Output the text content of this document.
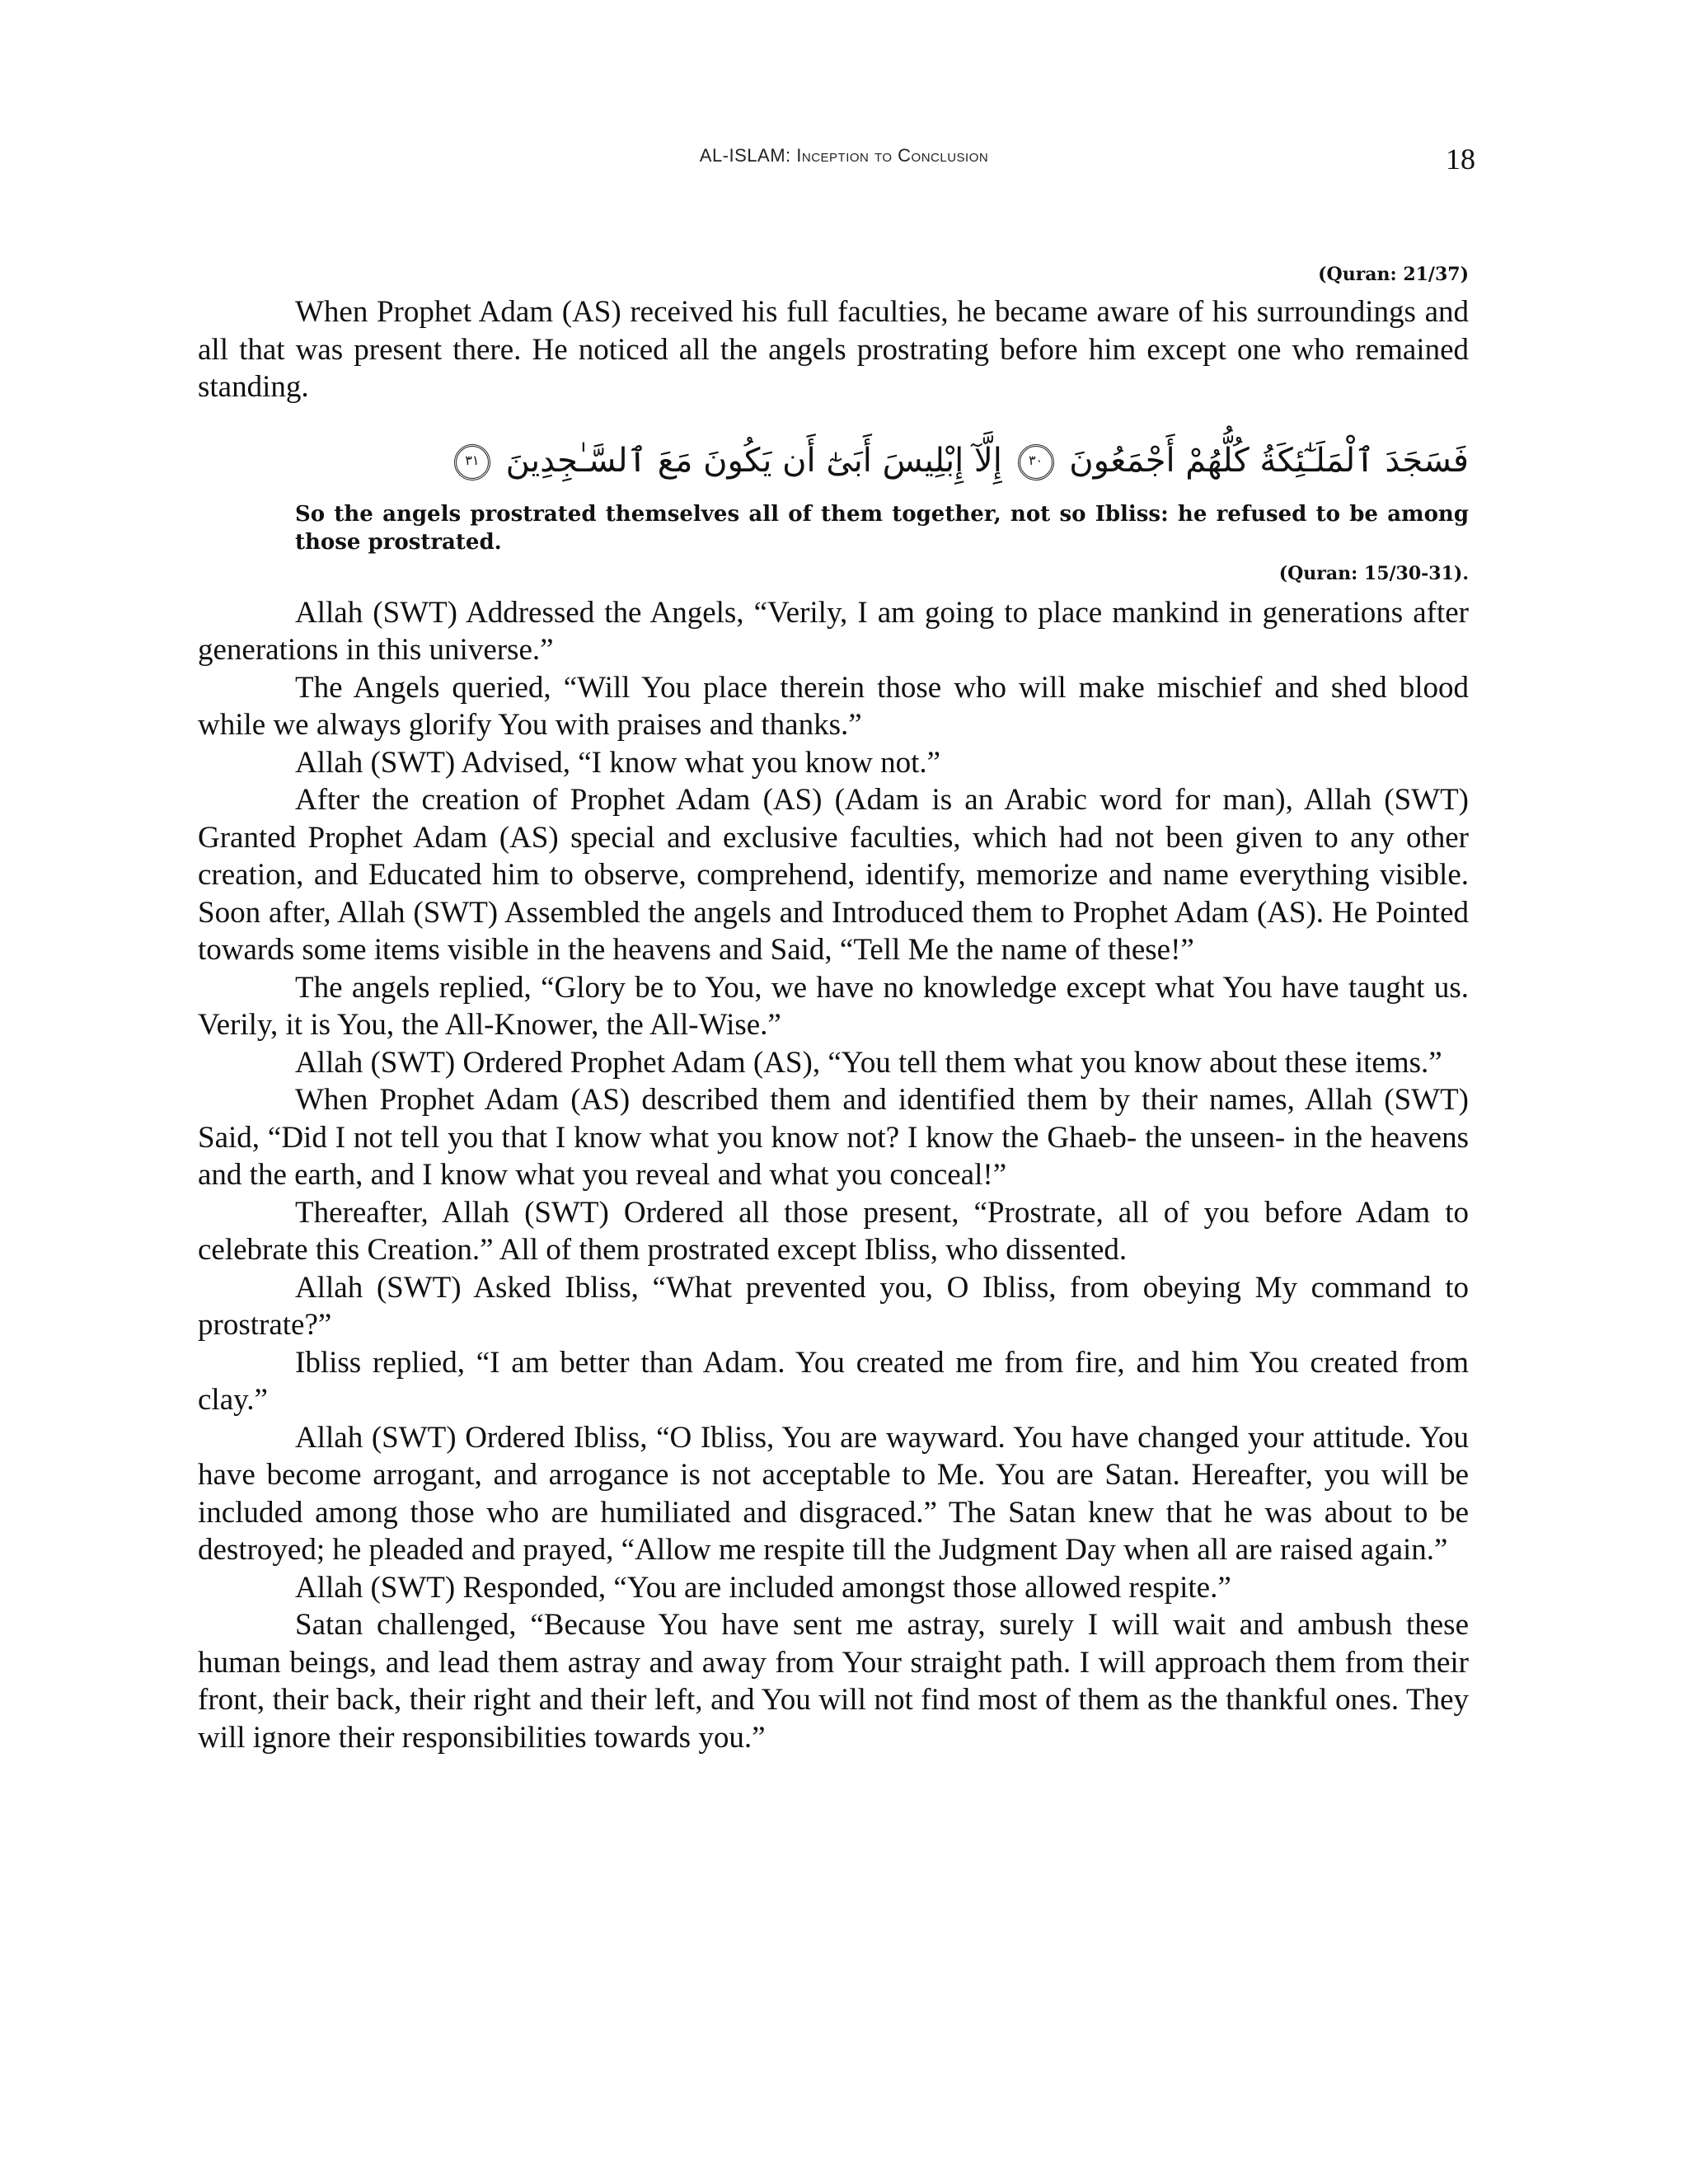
AL-ISLAM: Inception to Conclusion	18

(Quran: 21/37)

When Prophet Adam (AS) received his full faculties, he became aware of his surroundings and all that was present there. He noticed all the angels prostrating before him except one who remained standing.

فَسَجَدَ ٱلْمَلَـٰٓئِكَةُ كُلُّهُمْ أَجْمَعُونَ ٣٠ إِلَّآ إِبْلِيسَ أَبَىٰٓ أَن يَكُونَ مَعَ ٱلسَّـٰجِدِينَ ٣١

So the angels prostrated themselves all of them together, not so Ibliss: he refused to be among those prostrated.

(Quran: 15/30-31).

Allah (SWT) Addressed the Angels, “Verily, I am going to place mankind in generations after generations in this universe.”

The Angels queried, “Will You place therein those who will make mischief and shed blood while we always glorify You with praises and thanks.”

Allah (SWT) Advised, “I know what you know not.”

After the creation of Prophet Adam (AS) (Adam is an Arabic word for man), Allah (SWT) Granted Prophet Adam (AS) special and exclusive faculties, which had not been given to any other creation, and Educated him to observe, comprehend, identify, memorize and name everything visible. Soon after, Allah (SWT) Assembled the angels and Introduced them to Prophet Adam (AS). He Pointed towards some items visible in the heavens and Said, “Tell Me the name of these!”

The angels replied, “Glory be to You, we have no knowledge except what You have taught us. Verily, it is You, the All-Knower, the All-Wise.”

Allah (SWT) Ordered Prophet Adam (AS), “You tell them what you know about these items.”

When Prophet Adam (AS) described them and identified them by their names, Allah (SWT) Said, “Did I not tell you that I know what you know not? I know the Ghaeb- the unseen- in the heavens and the earth, and I know what you reveal and what you conceal!”

Thereafter, Allah (SWT) Ordered all those present, “Prostrate, all of you before Adam to celebrate this Creation.” All of them prostrated except Ibliss, who dissented.

Allah (SWT) Asked Ibliss, “What prevented you, O Ibliss, from obeying My command to prostrate?”

Ibliss replied, “I am better than Adam. You created me from fire, and him You created from clay.”

Allah (SWT) Ordered Ibliss, “O Ibliss, You are wayward. You have changed your attitude. You have become arrogant, and arrogance is not acceptable to Me. You are Satan. Hereafter, you will be included among those who are humiliated and disgraced.” The Satan knew that he was about to be destroyed; he pleaded and prayed, “Allow me respite till the Judgment Day when all are raised again.”

Allah (SWT) Responded, “You are included amongst those allowed respite.”

Satan challenged, “Because You have sent me astray, surely I will wait and ambush these human beings, and lead them astray and away from Your straight path. I will approach them from their front, their back, their right and their left, and You will not find most of them as the thankful ones. They will ignore their responsibilities towards you.”
